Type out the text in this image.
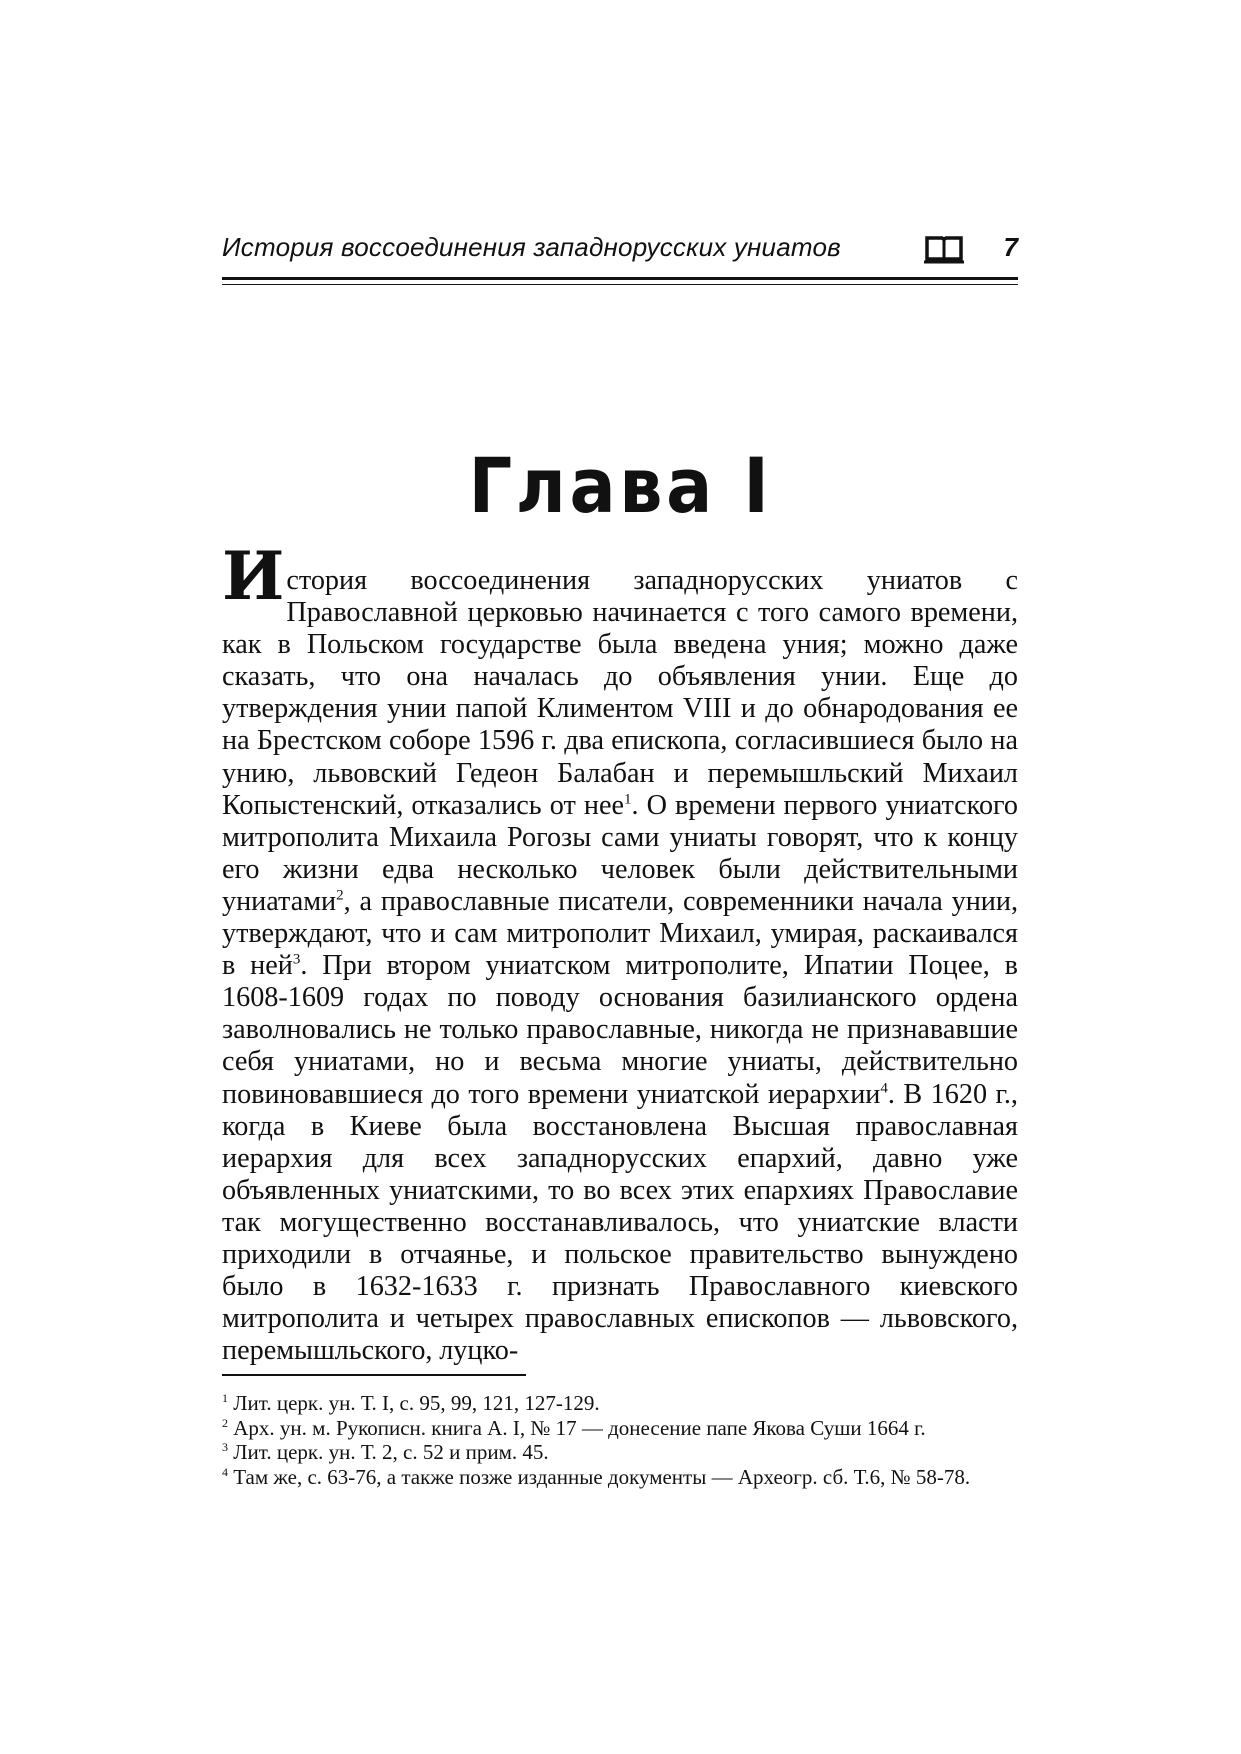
История воссоединения западнорусских униатов	7
Глава I

История воссоединения западнорусских униатов с Православной церковью начинается с того самого времени, как в Польском государстве была введена уния; можно даже сказать, что она началась до объявления унии. Еще до утверждения унии папой Климентом VIII и до обнародования ее на Брестском соборе 1596 г. два епископа, согласившиеся было на унию, львовский Гедеон Балабан и перемышльский Михаил Копыстенский, отказались от нее$^1$. О времени первого униатского митрополита Михаила Рогозы сами униаты говорят, что к концу его жизни едва несколько человек были действительными униатами$^2$, а православные писатели, современники начала унии, утверждают, что и сам митрополит Михаил, умирая, раскаивался в ней$^3$. При втором униатском митрополите, Ипатии Поцее, в 1608-1609 годах по поводу основания базилианского ордена заволновались не только православные, никогда не признававшие себя униатами, но и весьма многие униаты, действительно повиновавшиеся до того времени униатской иерархии$^4$. В 1620 г., когда в Киеве была восстановлена Высшая православная иерархия для всех западнорусских епархий, давно уже объявленных униатскими, то во всех этих епархиях Православие так могущественно восстанавливалось, что униатские власти приходили в отчаянье, и польское правительство вынуждено было в 1632-1633 г. признать Православного киевского митрополита и четырех православных епископов — львовского, перемышльского, луцко-

$^1$ Лит. церк. ун. Т. I, с. 95, 99, 121, 127-129.

$^2$ Арх. ун. м. Рукописн. книга А. I, № 17 — донесение папе Якова Суши 1664 г.

$^3$ Лит. церк. ун. Т. 2, с. 52 и прим. 45.

$^4$ Там же, с. 63-76, а также позже изданные документы — Археогр. сб. Т.6, № 58-78.
